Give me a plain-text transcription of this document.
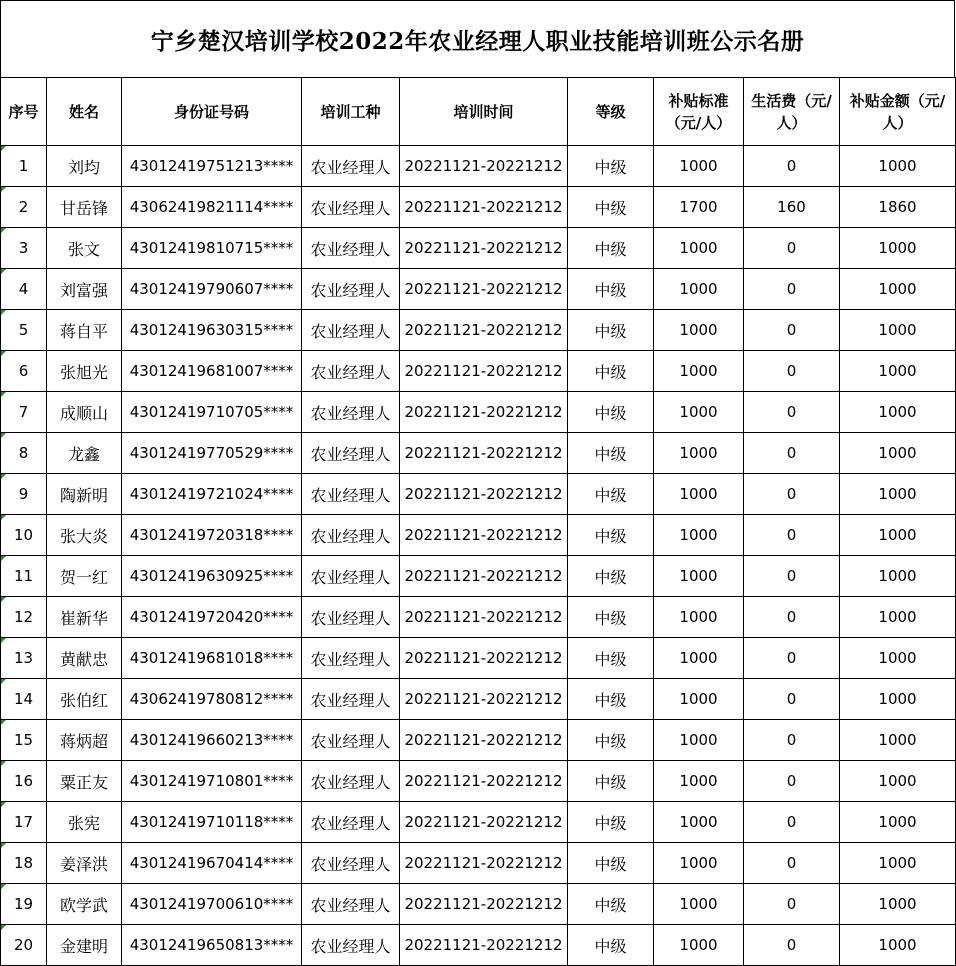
宁乡楚汉培训学校2022年农业经理人职业技能培训班公示名册
序号	姓名	身份证号码	培训工种	培训时间	等级	补贴标准（元/人）	生活费（元/人）	补贴金额（元/人）
1	刘均	43012419751213****	农业经理人	20221121-20221212	中级	1000	0	1000
2	甘岳锋	43062419821114****	农业经理人	20221121-20221212	中级	1700	160	1860
3	张文	43012419810715****	农业经理人	20221121-20221212	中级	1000	0	1000
4	刘富强	43012419790607****	农业经理人	20221121-20221212	中级	1000	0	1000
5	蒋自平	43012419630315****	农业经理人	20221121-20221212	中级	1000	0	1000
6	张旭光	43012419681007****	农业经理人	20221121-20221212	中级	1000	0	1000
7	成顺山	43012419710705****	农业经理人	20221121-20221212	中级	1000	0	1000
8	龙鑫	43012419770529****	农业经理人	20221121-20221212	中级	1000	0	1000
9	陶新明	43012419721024****	农业经理人	20221121-20221212	中级	1000	0	1000
10	张大炎	43012419720318****	农业经理人	20221121-20221212	中级	1000	0	1000
11	贺一红	43012419630925****	农业经理人	20221121-20221212	中级	1000	0	1000
12	崔新华	43012419720420****	农业经理人	20221121-20221212	中级	1000	0	1000
13	黄献忠	43012419681018****	农业经理人	20221121-20221212	中级	1000	0	1000
14	张伯红	43062419780812****	农业经理人	20221121-20221212	中级	1000	0	1000
15	蒋炳超	43012419660213****	农业经理人	20221121-20221212	中级	1000	0	1000
16	粟正友	43012419710801****	农业经理人	20221121-20221212	中级	1000	0	1000
17	张宪	43012419710118****	农业经理人	20221121-20221212	中级	1000	0	1000
18	姜泽洪	43012419670414****	农业经理人	20221121-20221212	中级	1000	0	1000
19	欧学武	43012419700610****	农业经理人	20221121-20221212	中级	1000	0	1000
20	金建明	43012419650813****	农业经理人	20221121-20221212	中级	1000	0	1000
